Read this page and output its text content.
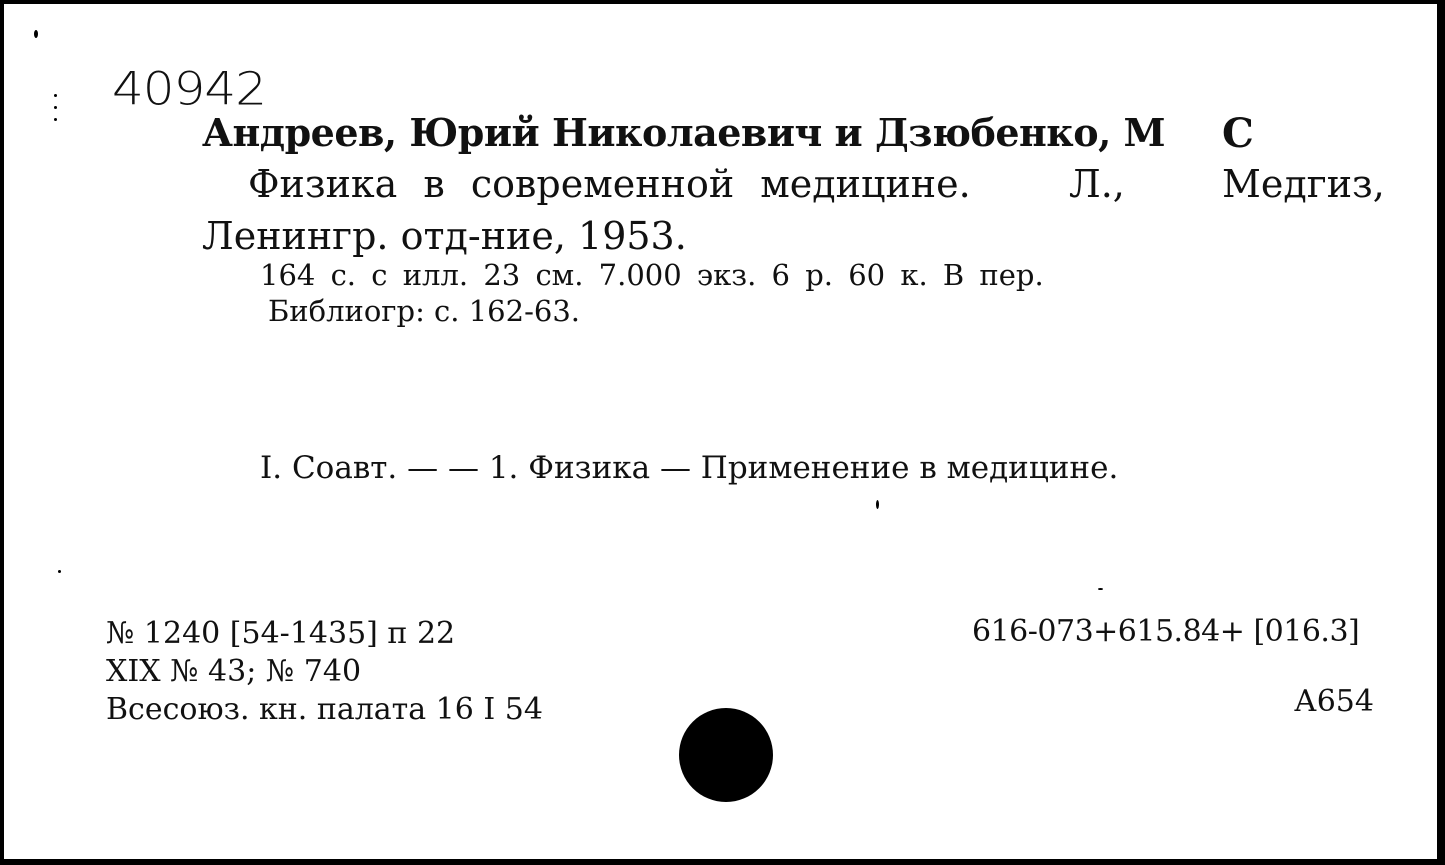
40942
Андреев, Юрий Николаевич и Дзюбенко, М С
Физика в современной медицине.	Л.,	Медгиз,
Ленингр. отд-ние, 1953.
164 с. с илл. 23 см. 7.000 экз. 6 р. 60 к. В пер.
Библиогр: с. 162-63.
I. Соавт. — — 1. Физика — Применение в медицине.
№ 1240 [54-1435] п 22
XIX № 43; № 740
Всесоюз. кн. палата 16 I 54
616-073+615.84+ [016.3]
А654
